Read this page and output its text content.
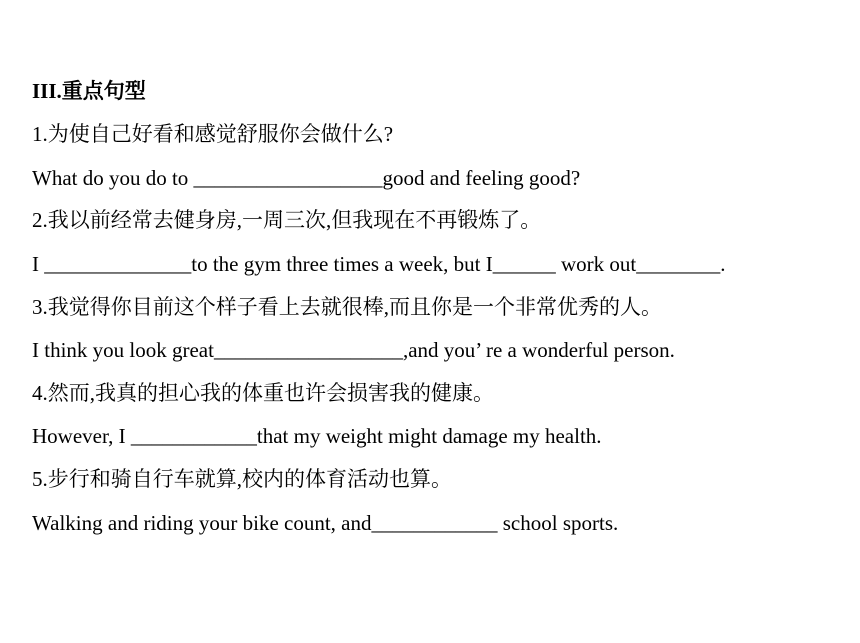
III.重点句型
1.为使自己好看和感觉舒服你会做什么?
What do you do to __________________good and feeling good?
2.我以前经常去健身房,一周三次,但我现在不再锻炼了。
I ______________to the gym three times a week, but I______ work out________.
3.我觉得你目前这个样子看上去就很棒,而且你是一个非常优秀的人。
I think you look great__________________,and you’ re a wonderful person.
4.然而,我真的担心我的体重也许会损害我的健康。
However, I ____________that my weight might damage my health.
5.步行和骑自行车就算,校内的体育活动也算。
Walking and riding your bike count, and____________ school sports.
